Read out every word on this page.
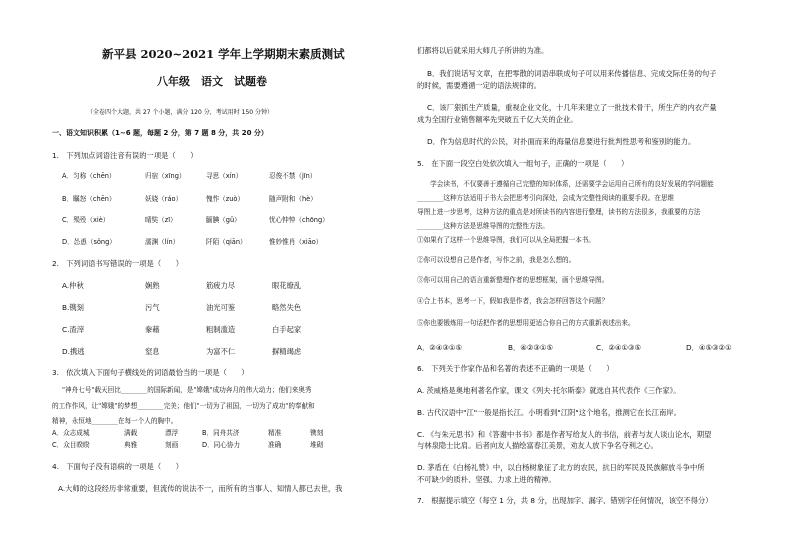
新平县 2020~2021 学年上学期期末素质测试
八年级　语文　试题卷
（全卷四个大题，共 27 个小题，满分 120 分，考试用时 150 分钟）
一、语文知识积累（1~6 题，每题 2 分，第 7 题 8 分，共 20 分）
1.　下列加点词语注音有误的一项是（　　）
A．匀称（chēn）	归宿（xīng）	寻思（xín）	忍俊不禁（jīn）
B．瞩怒（chēn）	妖娆（ráo）	愧怍（zuò）	随声附和（hè）
C．殒殁（xiè）	晴奘（zī）	腼腆（gǔ）	忧心忡忡（chōng）
D．怂恿（sǒng）	濡渊（lín）	阡陌（qiān）	惟妙惟肖（xiāo）
2.　下列词语书写错误的一项是（　　）
A.仲秋	娴熟	筋疲力尽	眼花缭乱
B.镌刻	污气	油光可鉴	略然失色
C.渣滓	豢藉	粗制滥造	白手起家
D.携逃	窒息	为富不仁	摒精竭虑
3.　依次填入下面句子横线处的词语最恰当的一项是（　　）
"神舟七号"载天回比________的国际新闻，是"嫦娥"成功奔月的伟大动力；他们来奥秀
的工作作风，让"嫦娥"的梦想________完美；他们"一切为了祖国，一切为了成功"的奉献和
精神，永恒地________在每一个人的胸中。
A．众志成城	满载	漂浮	B．同舟共济	精准	镌刻
C．众目睽睽	典雅	刻画	D．同心协力	准确	堆砌
4.　下面句子没有语病的一项是（　　）
A.大师的这段经历非常重要，但流传的说法不一，而所有的当事人、知情人都已去世，我
们都将以后就采用大师几子所讲的为准。
B．我们说话写文章，在把零散的词语串联成句子可以用来传播信息、完成交际任务的句子
的时候，需要遵循一定的语法规律的。
C．该厂狠抓生产质量，重视企业文化，十几年来建立了一批技术骨干，所生产的内衣产量
成为全国行业销售额率先突破五千亿大关的企业。
D．作为信息时代的公民，对扑面而来的海量信息要进行批判性思考和鉴别的能力。
5.　在下面一段空白处依次填入一组句子，正确的一项是（　　）
　　学会读书，不仅要善于遵循自己完整的知识体系，还需要学会运用自己所有的良好发展的学问题能
________这种方法适用于书大会把思考引向深处，会成为完整性阅读的重要手段。在思维
导图上进一步思考，这种方法的重点是对所读书的内容进行整理，读书的方法很多，我重要的方法
________这种方法是思维导图的完整性方法。
①如果有了这样一个思维导图，我们可以从全局把握一本书。
②你可以设想自己是作者，写作之前，我是怎么想的。
③你可以用自己的语言重新整理作者的思想框架，画个思维导图。
④合上书本，思考一下，假如我是作者，我会怎样回答这个问题？
⑤你也要锻炼用一句话把作者的思想用更适合你自己的方式重新表述出来。
A．②④③①⑤	B．④②③①⑤	C．②④①③⑤	D．④⑤③②①
6.　下列关于作家作品和名著的表述不正确的一项是（　　）
A. 茨威格是奥地利著名作家，课文《列夫·托尔斯泰》就选自其代表作《三作家》。
B. 古代汉语中"江"一般是指长江。小明看到"江阴"这个地名，推测它在长江南岸。
C. 《与朱元思书》和《答谢中书书》都是作者写给友人的书信，前者与友人谈山论水，期望
与林泉隐士比肩。后者向友人描绘富春江美景，劝友人放下争名夺利之心。
D. 茅盾在《白杨礼赞》中，以白杨树象征了北方的农民，抗日的军民及民族解放斗争中所
不可缺少的质朴、坚强、力求上进的精神。
7.　根据提示填空（每空 1 分，共 8 分，出现加字、漏字、错别字任何情况，该空不得分）
